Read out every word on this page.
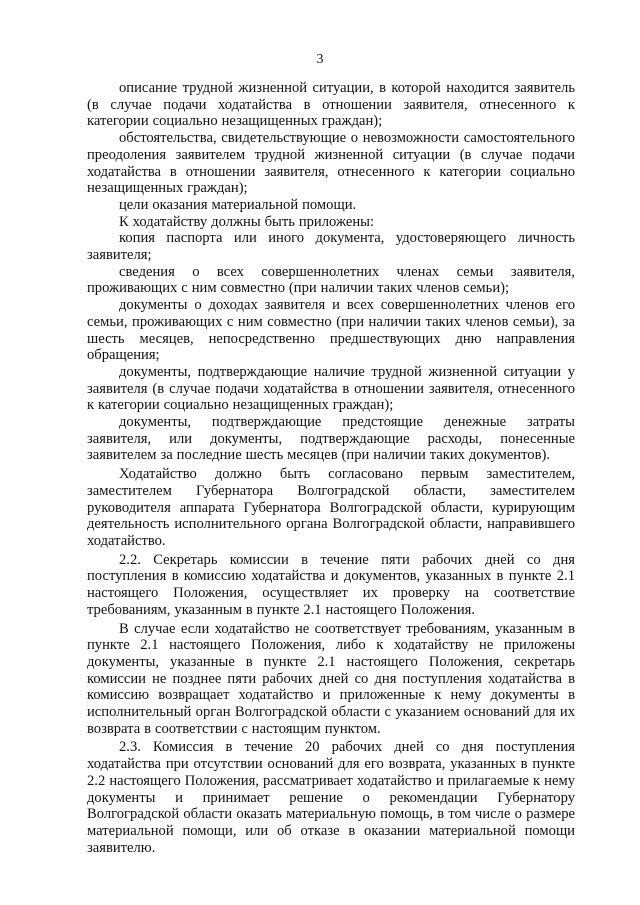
3

описание трудной жизненной ситуации, в которой находится заявитель (в случае подачи ходатайства в отношении заявителя, отнесенного к категории социально незащищенных граждан);

обстоятельства, свидетельствующие о невозможности самостоятельного преодоления заявителем трудной жизненной ситуации (в случае подачи ходатайства в отношении заявителя, отнесенного к категории социально незащищенных граждан);

цели оказания материальной помощи.

К ходатайству должны быть приложены:

копия паспорта или иного документа, удостоверяющего личность заявителя;

сведения о всех совершеннолетних членах семьи заявителя, проживающих с ним совместно (при наличии таких членов семьи);

документы о доходах заявителя и всех совершеннолетних членов его семьи, проживающих с ним совместно (при наличии таких членов семьи), за шесть месяцев, непосредственно предшествующих дню направления обращения;

документы, подтверждающие наличие трудной жизненной ситуации у заявителя (в случае подачи ходатайства в отношении заявителя, отнесенного к категории социально незащищенных граждан);

документы, подтверждающие предстоящие денежные затраты заявителя, или документы, подтверждающие расходы, понесенные заявителем за последние шесть месяцев (при наличии таких документов).

Ходатайство должно быть согласовано первым заместителем, заместителем Губернатора Волгоградской области, заместителем руководителя аппарата Губернатора Волгоградской области, курирующим деятельность исполнительного органа Волгоградской области, направившего ходатайство.

2.2. Секретарь комиссии в течение пяти рабочих дней со дня поступления в комиссию ходатайства и документов, указанных в пункте 2.1 настоящего Положения, осуществляет их проверку на соответствие требованиям, указанным в пункте 2.1 настоящего Положения.

В случае если ходатайство не соответствует требованиям, указанным в пункте 2.1 настоящего Положения, либо к ходатайству не приложены документы, указанные в пункте 2.1 настоящего Положения, секретарь комиссии не позднее пяти рабочих дней со дня поступления ходатайства в комиссию возвращает ходатайство и приложенные к нему документы в исполнительный орган Волгоградской области с указанием оснований для их возврата в соответствии с настоящим пунктом.

2.3. Комиссия в течение 20 рабочих дней со дня поступления ходатайства при отсутствии оснований для его возврата, указанных в пункте 2.2 настоящего Положения, рассматривает ходатайство и прилагаемые к нему документы и принимает решение о рекомендации Губернатору Волгоградской области оказать материальную помощь, в том числе о размере материальной помощи, или об отказе в оказании материальной помощи заявителю.
